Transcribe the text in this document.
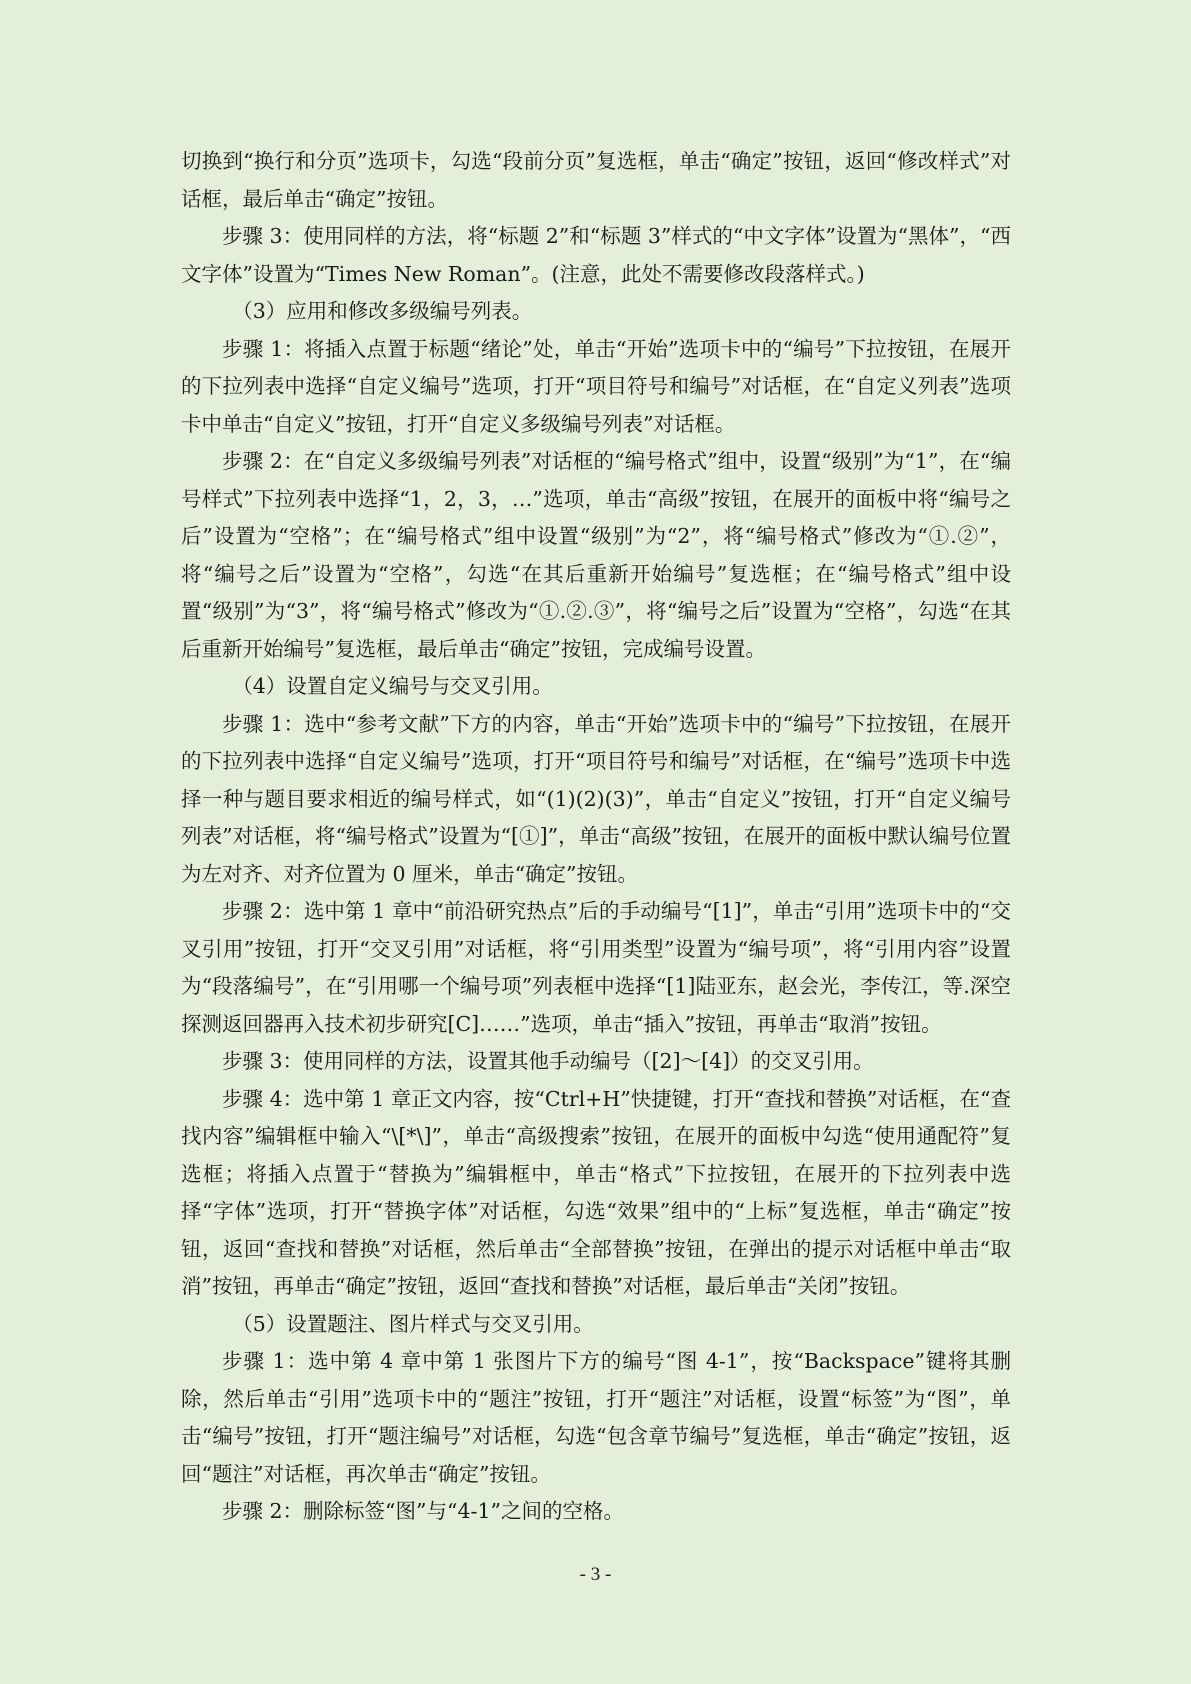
切换到“换行和分页”选项卡，勾选“段前分页”复选框，单击“确定”按钮，返回“修改样式”对话框，最后单击“确定”按钮。

步骤 3：使用同样的方法，将“标题 2”和“标题 3”样式的“中文字体”设置为“黑体”，“西文字体”设置为“Times New Roman”。(注意，此处不需要修改段落样式。)

（3）应用和修改多级编号列表。

步骤 1：将插入点置于标题“绪论”处，单击“开始”选项卡中的“编号”下拉按钮，在展开的下拉列表中选择“自定义编号”选项，打开“项目符号和编号”对话框，在“自定义列表”选项卡中单击“自定义”按钮，打开“自定义多级编号列表”对话框。

步骤 2：在“自定义多级编号列表”对话框的“编号格式”组中，设置“级别”为“1”，在“编号样式”下拉列表中选择“1，2，3，…”选项，单击“高级”按钮，在展开的面板中将“编号之后”设置为“空格”；在“编号格式”组中设置“级别”为“2”，将“编号格式”修改为“①.②”，将“编号之后”设置为“空格”，勾选“在其后重新开始编号”复选框；在“编号格式”组中设置“级别”为“3”，将“编号格式”修改为“①.②.③”，将“编号之后”设置为“空格”，勾选“在其后重新开始编号”复选框，最后单击“确定”按钮，完成编号设置。

（4）设置自定义编号与交叉引用。

步骤 1：选中“参考文献”下方的内容，单击“开始”选项卡中的“编号”下拉按钮，在展开的下拉列表中选择“自定义编号”选项，打开“项目符号和编号”对话框，在“编号”选项卡中选择一种与题目要求相近的编号样式，如“(1)(2)(3)”，单击“自定义”按钮，打开“自定义编号列表”对话框，将“编号格式”设置为“[①]”，单击“高级”按钮，在展开的面板中默认编号位置为左对齐、对齐位置为 0 厘米，单击“确定”按钮。

步骤 2：选中第 1 章中“前沿研究热点”后的手动编号“[1]”，单击“引用”选项卡中的“交叉引用”按钮，打开“交叉引用”对话框，将“引用类型”设置为“编号项”，将“引用内容”设置为“段落编号”，在“引用哪一个编号项”列表框中选择“[1]陆亚东，赵会光，李传江，等.深空探测返回器再入技术初步研究[C]……”选项，单击“插入”按钮，再单击“取消”按钮。

步骤 3：使用同样的方法，设置其他手动编号（[2]～[4]）的交叉引用。

步骤 4：选中第 1 章正文内容，按“Ctrl+H”快捷键，打开“查找和替换”对话框，在“查找内容”编辑框中输入“\[*\]”，单击“高级搜索”按钮，在展开的面板中勾选“使用通配符”复选框；将插入点置于“替换为”编辑框中，单击“格式”下拉按钮，在展开的下拉列表中选择“字体”选项，打开“替换字体”对话框，勾选“效果”组中的“上标”复选框，单击“确定”按钮，返回“查找和替换”对话框，然后单击“全部替换”按钮，在弹出的提示对话框中单击“取消”按钮，再单击“确定”按钮，返回“查找和替换”对话框，最后单击“关闭”按钮。

（5）设置题注、图片样式与交叉引用。

步骤 1：选中第 4 章中第 1 张图片下方的编号“图 4-1”，按“Backspace”键将其删除，然后单击“引用”选项卡中的“题注”按钮，打开“题注”对话框，设置“标签”为“图”，单击“编号”按钮，打开“题注编号”对话框，勾选“包含章节编号”复选框，单击“确定”按钮，返回“题注”对话框，再次单击“确定”按钮。

步骤 2：删除标签“图”与“4-1”之间的空格。

- 3 -
